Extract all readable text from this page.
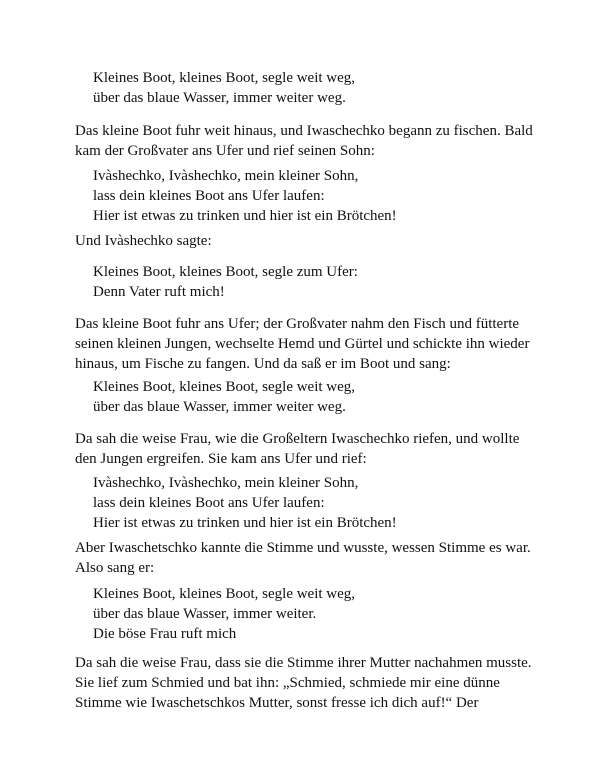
Kleines Boot, kleines Boot, segle weit weg,
über das blaue Wasser, immer weiter weg.
Das kleine Boot fuhr weit hinaus, und Iwaschechko begann zu fischen. Bald
kam der Großvater ans Ufer und rief seinen Sohn:
Ivàshechko, Ivàshechko, mein kleiner Sohn,
lass dein kleines Boot ans Ufer laufen:
Hier ist etwas zu trinken und hier ist ein Brötchen!
Und Ivàshechko sagte:
Kleines Boot, kleines Boot, segle zum Ufer:
Denn Vater ruft mich!
Das kleine Boot fuhr ans Ufer; der Großvater nahm den Fisch und fütterte
seinen kleinen Jungen, wechselte Hemd und Gürtel und schickte ihn wieder
hinaus, um Fische zu fangen. Und da saß er im Boot und sang:
Kleines Boot, kleines Boot, segle weit weg,
über das blaue Wasser, immer weiter weg.
Da sah die weise Frau, wie die Großeltern Iwaschechko riefen, und wollte
den Jungen ergreifen. Sie kam ans Ufer und rief:
Ivàshechko, Ivàshechko, mein kleiner Sohn,
lass dein kleines Boot ans Ufer laufen:
Hier ist etwas zu trinken und hier ist ein Brötchen!
Aber Iwaschetschko kannte die Stimme und wusste, wessen Stimme es war.
Also sang er:
Kleines Boot, kleines Boot, segle weit weg,
über das blaue Wasser, immer weiter.
Die böse Frau ruft mich
Da sah die weise Frau, dass sie die Stimme ihrer Mutter nachahmen musste.
Sie lief zum Schmied und bat ihn: „Schmied, schmiede mir eine dünne
Stimme wie Iwaschetschkos Mutter, sonst fresse ich dich auf!“ Der
